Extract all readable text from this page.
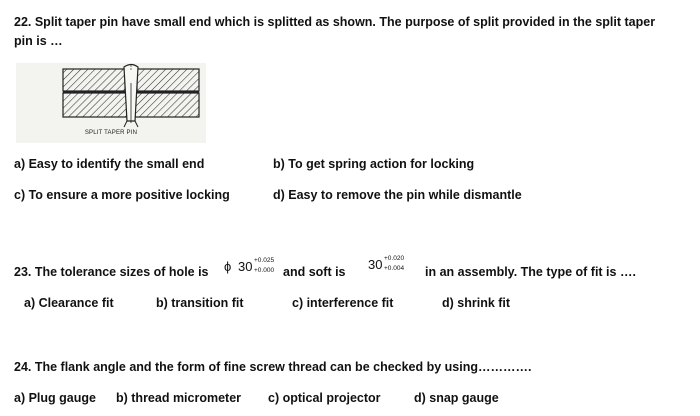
22. Split taper pin have small end which is splitted as shown. The purpose of split provided in the split taper
pin is …
SPLIT TAPER PIN
a) Easy to identify the small end	b) To get spring action for locking
c) To ensure a more positive locking	d) Easy to remove the pin while dismantle
23. The tolerance sizes of hole is ϕ 30 +0.025
+0.000 and soft is 30 +0.020
+0.004 in an assembly. The type of fit is ….
a) Clearance fit	b) transition fit	c) interference fit	d) shrink fit
24. The flank angle and the form of fine screw thread can be checked by using………….
a) Plug gauge b) thread micrometer c) optical projector	d) snap gauge
